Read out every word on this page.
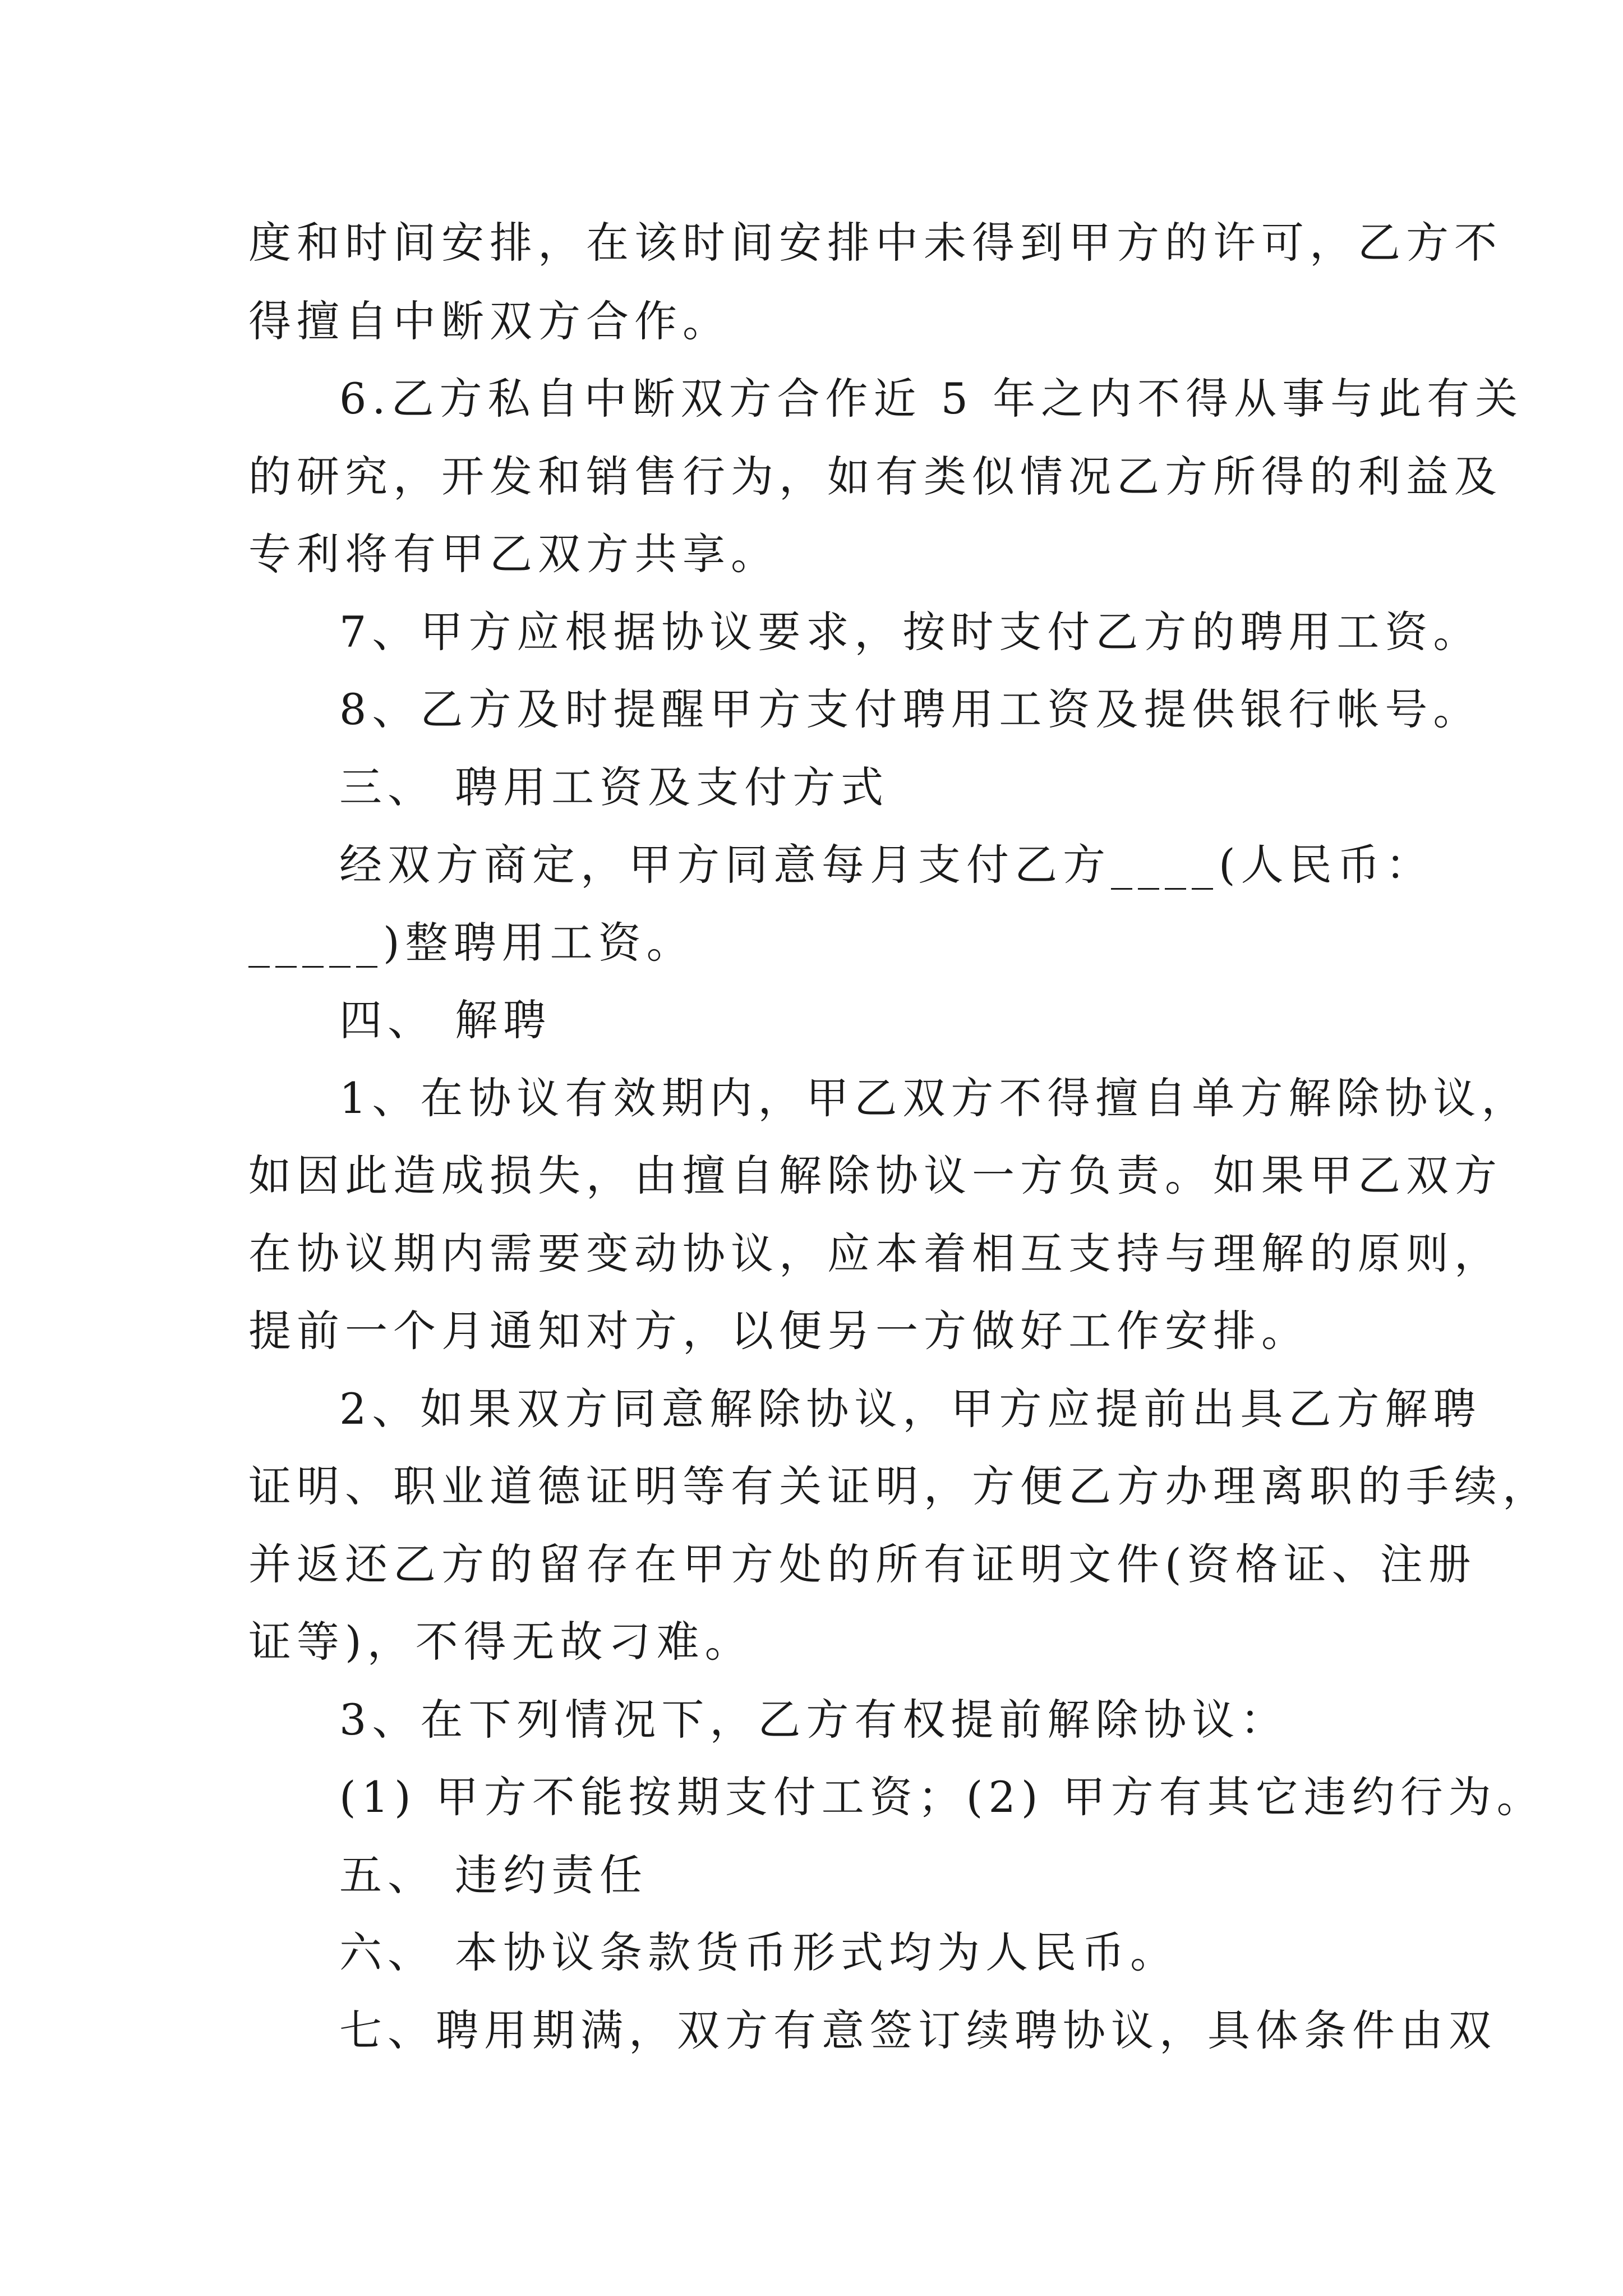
度和时间安排，在该时间安排中未得到甲方的许可，乙方不
得擅自中断双方合作。
6.乙方私自中断双方合作近 5 年之内不得从事与此有关
的研究，开发和销售行为，如有类似情况乙方所得的利益及
专利将有甲乙双方共享。
7、甲方应根据协议要求，按时支付乙方的聘用工资。
8、乙方及时提醒甲方支付聘用工资及提供银行帐号。
三、 聘用工资及支付方式
经双方商定，甲方同意每月支付乙方____(人民币：
_____)整聘用工资。
四、 解聘
1、在协议有效期内，甲乙双方不得擅自单方解除协议，
如因此造成损失，由擅自解除协议一方负责。如果甲乙双方
在协议期内需要变动协议，应本着相互支持与理解的原则，
提前一个月通知对方，以便另一方做好工作安排。
2、如果双方同意解除协议，甲方应提前出具乙方解聘
证明、职业道德证明等有关证明，方便乙方办理离职的手续，
并返还乙方的留存在甲方处的所有证明文件(资格证、注册
证等)，不得无故刁难。
3、在下列情况下，乙方有权提前解除协议：
(1) 甲方不能按期支付工资；(2) 甲方有其它违约行为。
五、 违约责任
六、 本协议条款货币形式均为人民币。
七、聘用期满，双方有意签订续聘协议，具体条件由双
